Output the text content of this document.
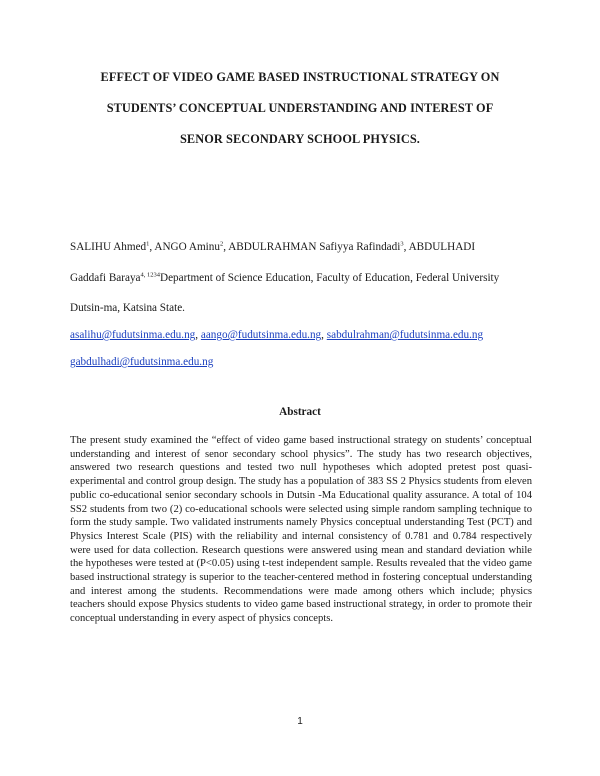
EFFECT OF VIDEO GAME BASED INSTRUCTIONAL STRATEGY ON
STUDENTS’ CONCEPTUAL UNDERSTANDING AND INTEREST OF
SENOR SECONDARY SCHOOL PHYSICS.
SALIHU Ahmed$^1$, ANGO Aminu$^2$, ABDULRAHMAN Safiyya Rafindadi$^3$, ABDULHADI
Gaddafi Baraya$^{4, 1234}$Department of Science Education, Faculty of Education, Federal University
Dutsin-ma, Katsina State.
asalihu@fudutsinma.edu.ng, aango@fudutsinma.edu.ng, sabdulrahman@fudutsinma.edu.ng
gabdulhadi@fudutsinma.edu.ng
Abstract

The present study examined the “effect of video game based instructional strategy on students’ conceptual understanding and interest of senor secondary school physics”. The study has two research objectives, answered two research questions and tested two null hypotheses which adopted pretest post quasi-experimental and control group design. The study has a population of 383 SS 2 Physics students from eleven public co-educational senior secondary schools in Dutsin -Ma Educational quality assurance. A total of 104 SS2 students from two (2) co-educational schools were selected using simple random sampling technique to form the study sample. Two validated instruments namely Physics conceptual understanding Test (PCT) and Physics Interest Scale (PIS) with the reliability and internal consistency of 0.781 and 0.784 respectively were used for data collection. Research questions were answered using mean and standard deviation while the hypotheses were tested at (P<0.05) using t-test independent sample. Results revealed that the video game based instructional strategy is superior to the teacher-centered method in fostering conceptual understanding and interest among the students. Recommendations were made among others which include; physics teachers should expose Physics students to video game based instructional strategy, in order to promote their conceptual understanding in every aspect of physics concepts.

1
